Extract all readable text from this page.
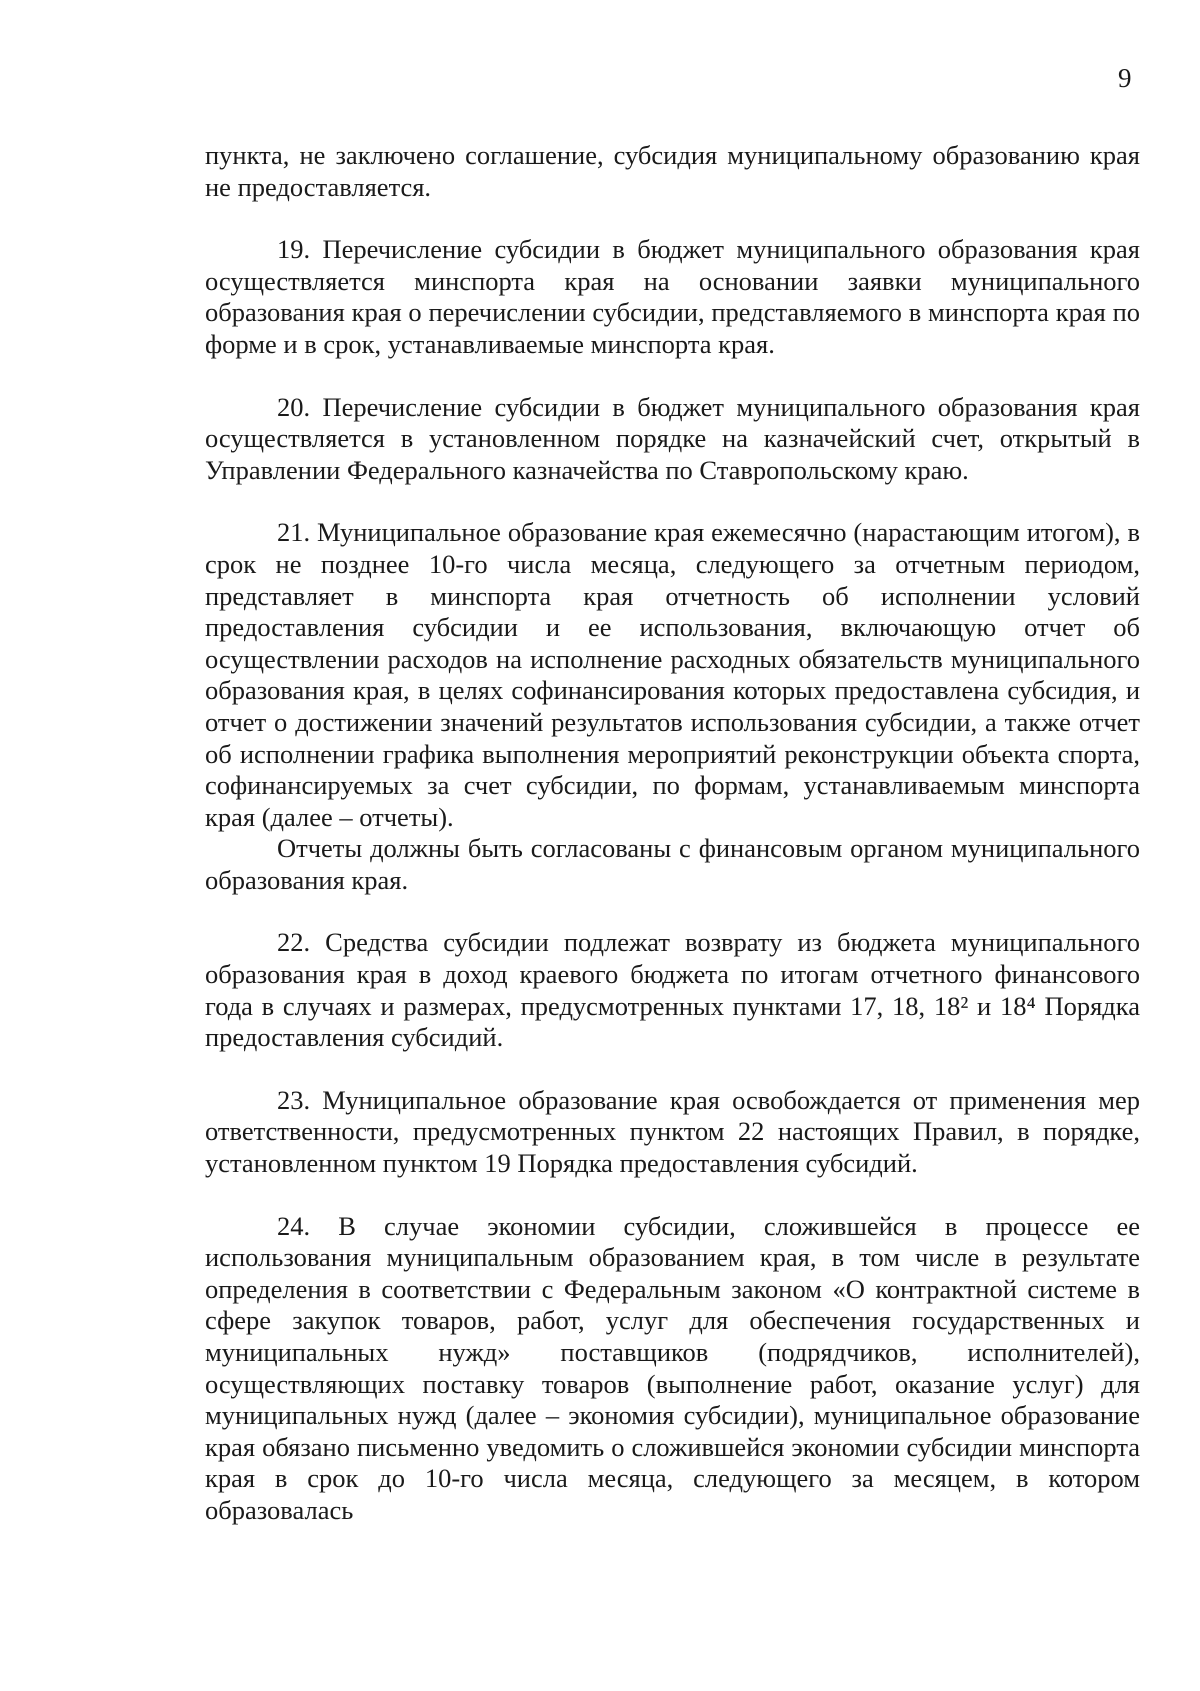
9

пункта, не заключено соглашение, субсидия муниципальному образованию края не предоставляется.

19. Перечисление субсидии в бюджет муниципального образования края осуществляется минспорта края на основании заявки муниципального образования края о перечислении субсидии, представляемого в минспорта края по форме и в срок, устанавливаемые минспорта края.

20. Перечисление субсидии в бюджет муниципального образования края осуществляется в установленном порядке на казначейский счет, открытый в Управлении Федерального казначейства по Ставропольскому краю.

21. Муниципальное образование края ежемесячно (нарастающим итогом), в срок не позднее 10-го числа месяца, следующего за отчетным периодом, представляет в минспорта края отчетность об исполнении условий предоставления субсидии и ее использования, включающую отчет об осуществлении расходов на исполнение расходных обязательств муниципального образования края, в целях софинансирования которых предоставлена субсидия, и отчет о достижении значений результатов использования субсидии, а также отчет об исполнении графика выполнения мероприятий реконструкции объекта спорта, софинансируемых за счет субсидии, по формам, устанавливаемым минспорта края (далее – отчеты).

Отчеты должны быть согласованы с финансовым органом муниципального образования края.

22. Средства субсидии подлежат возврату из бюджета муниципального образования края в доход краевого бюджета по итогам отчетного финансового года в случаях и размерах, предусмотренных пунктами 17, 18, 18² и 18⁴ Порядка предоставления субсидий.

23. Муниципальное образование края освобождается от применения мер ответственности, предусмотренных пунктом 22 настоящих Правил, в порядке, установленном пунктом 19 Порядка предоставления субсидий.

24. В случае экономии субсидии, сложившейся в процессе ее использования муниципальным образованием края, в том числе в результате определения в соответствии с Федеральным законом «О контрактной системе в сфере закупок товаров, работ, услуг для обеспечения государственных и муниципальных нужд» поставщиков (подрядчиков, исполнителей), осуществляющих поставку товаров (выполнение работ, оказание услуг) для муниципальных нужд (далее – экономия субсидии), муниципальное образование края обязано письменно уведомить о сложившейся экономии субсидии минспорта края в срок до 10-го числа месяца, следующего за месяцем, в котором образовалась
